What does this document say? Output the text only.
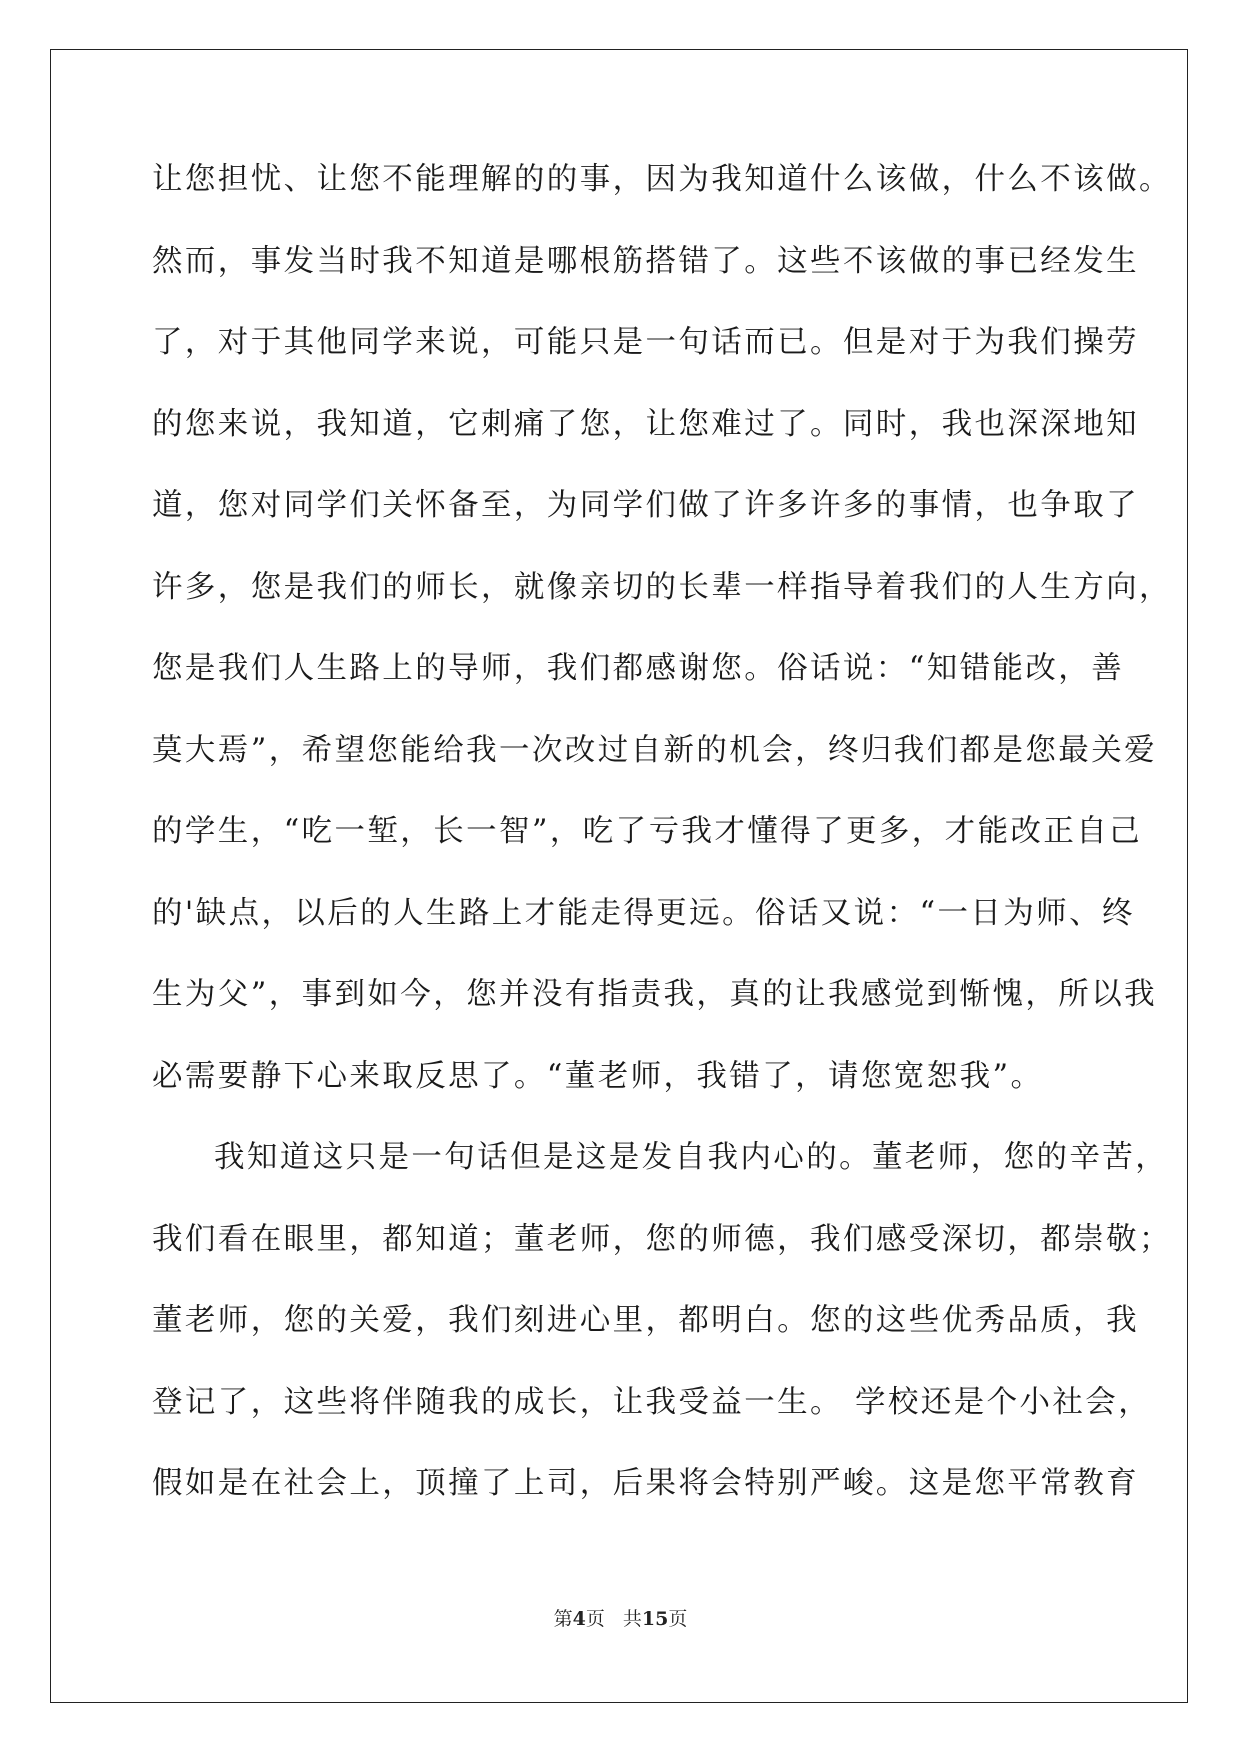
让您担忧、让您不能理解的的事，因为我知道什么该做，什么不该做。
然而，事发当时我不知道是哪根筋搭错了。这些不该做的事已经发生
了，对于其他同学来说，可能只是一句话而已。但是对于为我们操劳
的您来说，我知道，它刺痛了您，让您难过了。同时，我也深深地知
道，您对同学们关怀备至，为同学们做了许多许多的事情，也争取了
许多，您是我们的师长，就像亲切的长辈一样指导着我们的人生方向，
您是我们人生路上的导师，我们都感谢您。俗话说：“知错能改，善
莫大焉”，希望您能给我一次改过自新的机会，终归我们都是您最关爱
的学生，“吃一堑，长一智”，吃了亏我才懂得了更多，才能改正自己
的'缺点，以后的人生路上才能走得更远。俗话又说：“一日为师、终
生为父”，事到如今，您并没有指责我，真的让我感觉到惭愧，所以我
必需要静下心来取反思了。“董老师，我错了，请您宽恕我”。
我知道这只是一句话但是这是发自我内心的。董老师，您的辛苦，
我们看在眼里，都知道；董老师，您的师德，我们感受深切，都崇敬；
董老师，您的关爱，我们刻进心里，都明白。您的这些优秀品质，我
登记了，这些将伴随我的成长，让我受益一生。 学校还是个小社会，
假如是在社会上，顶撞了上司，后果将会特别严峻。这是您平常教育
第4页 共15页
